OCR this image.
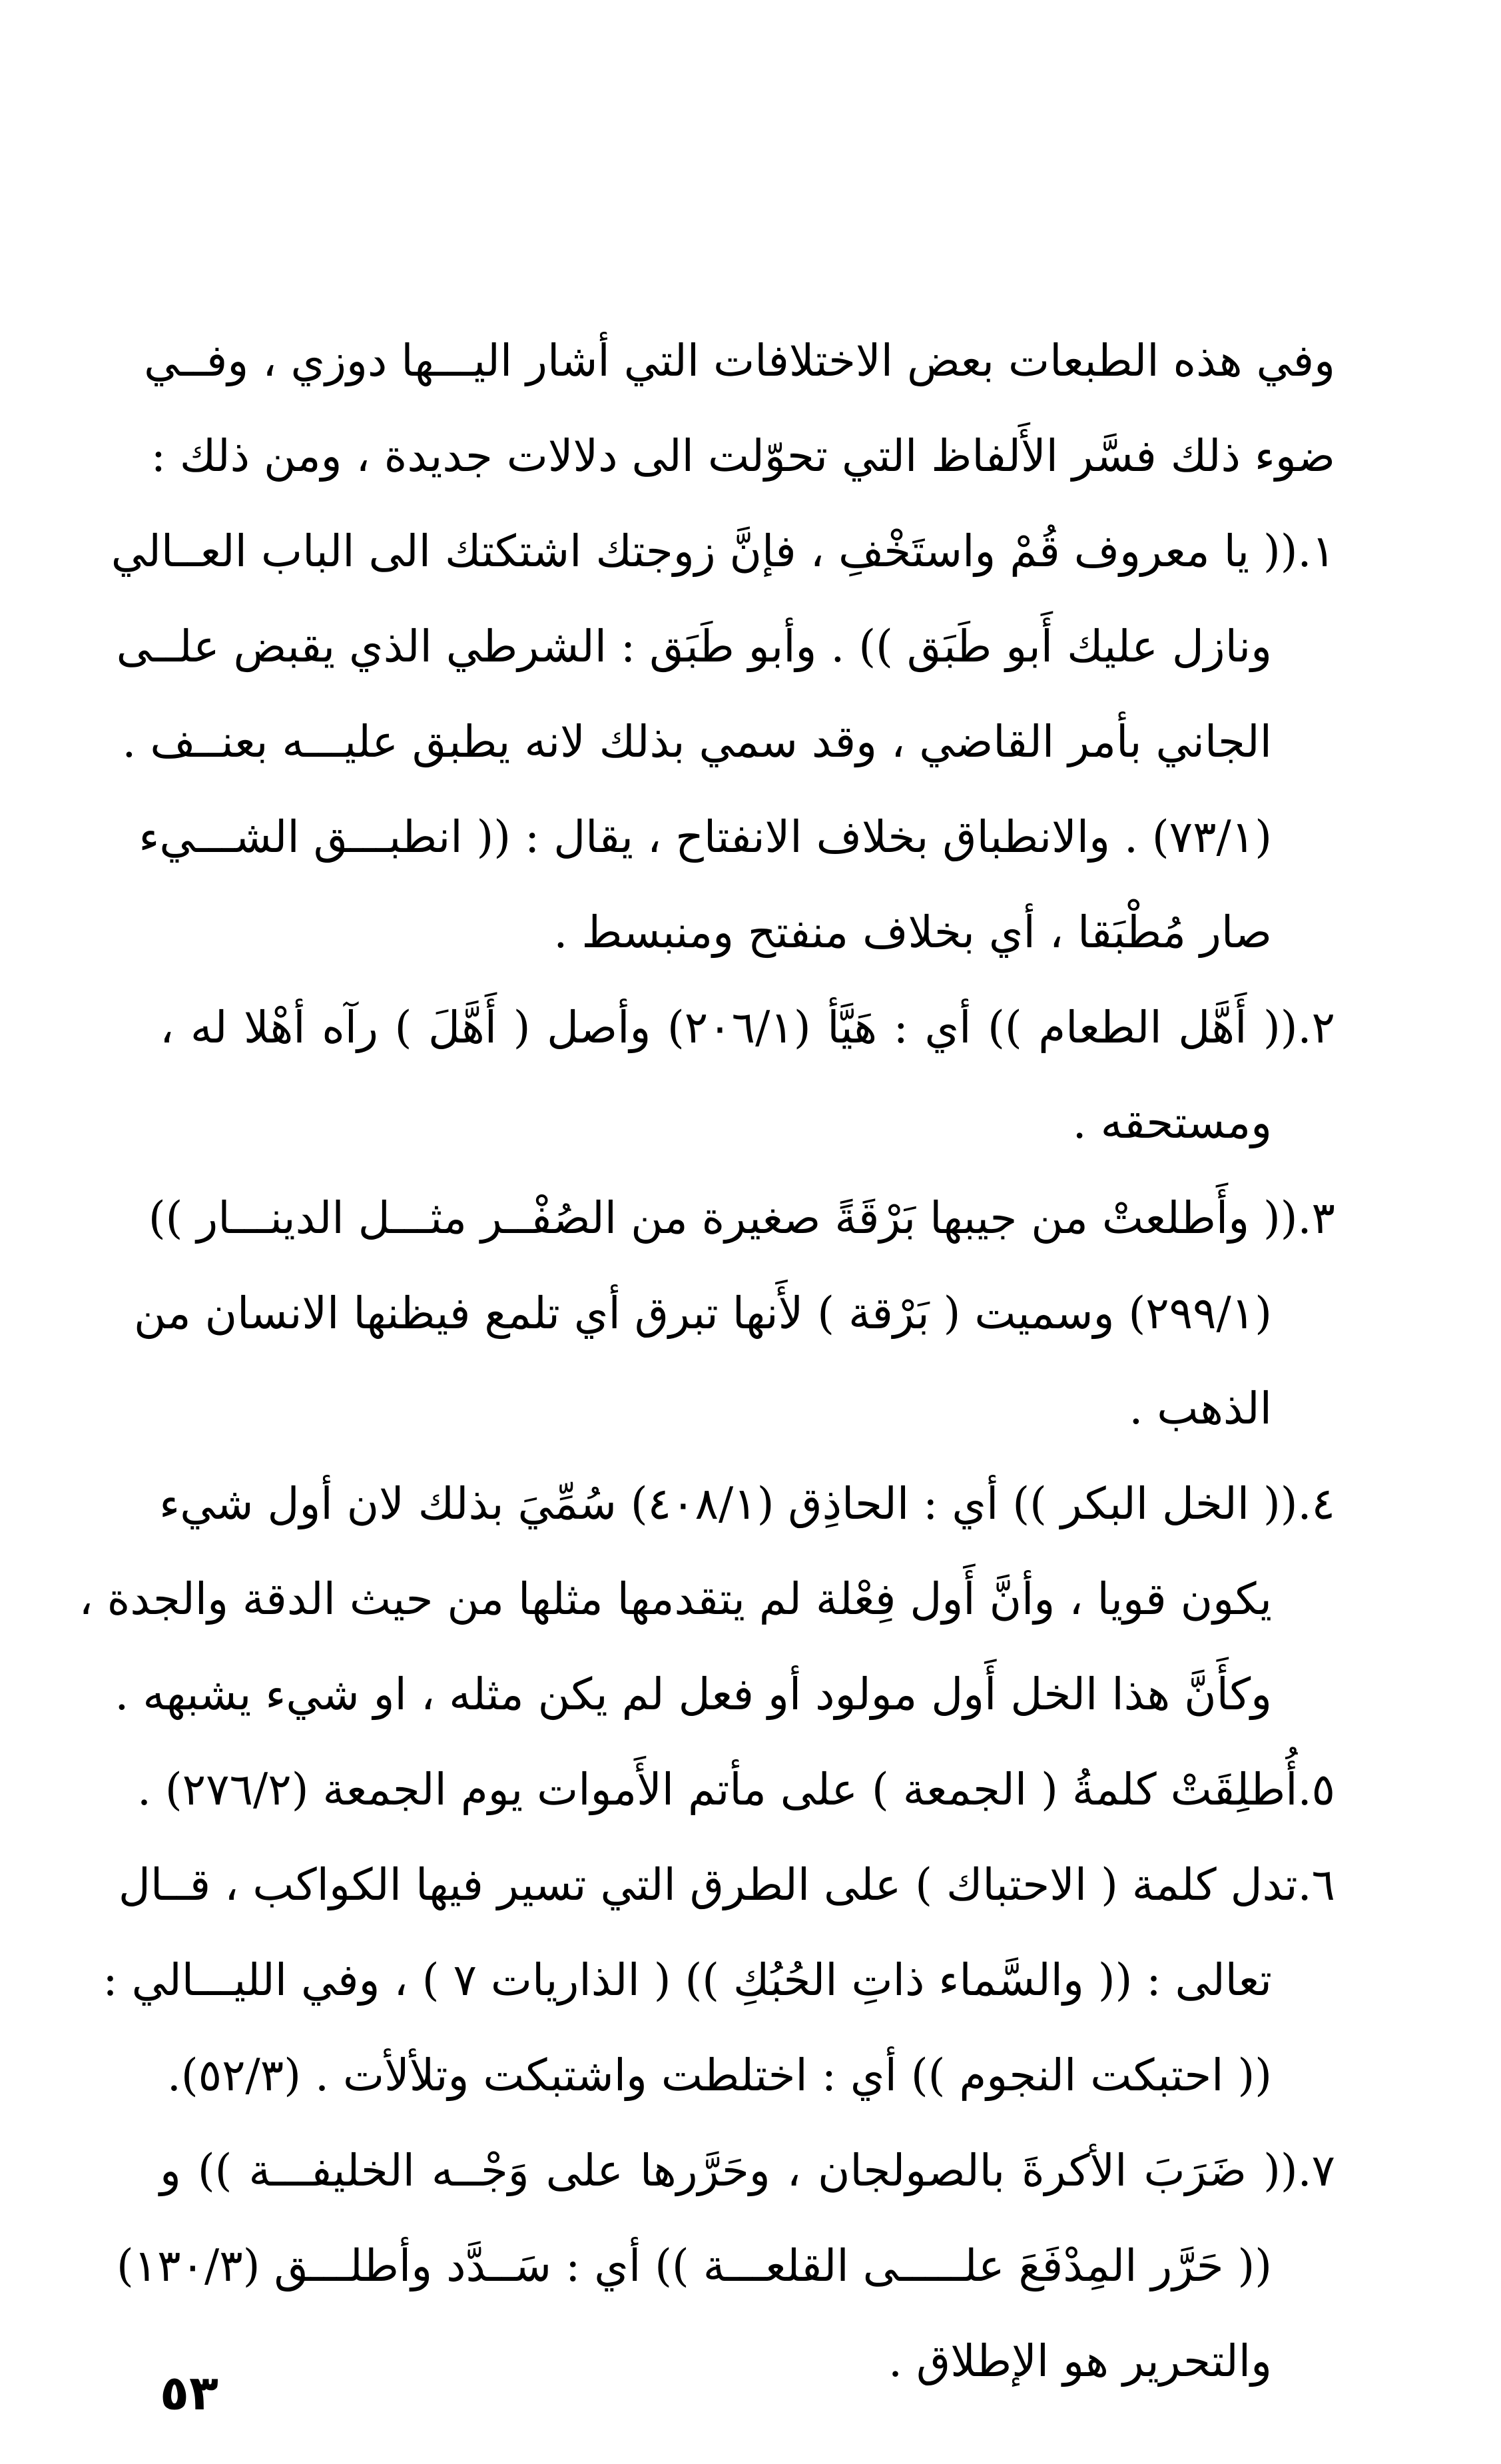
وفي هذه الطبعات بعض الاختلافات التي أشار اليـــها دوزي ، وفــي
ضوء ذلك فسَّر الأَلفاظ التي تحوّلت الى دلالات جديدة ، ومن ذلك :
١.(( يا معروف قُمْ واستَخْفِ ، فإنَّ زوجتك اشتكتك الى الباب العــالي
ونازل عليك أَبو طَبَق )) . وأبو طَبَق : الشرطي الذي يقبض علــى
الجاني بأمر القاضي ، وقد سمي بذلك لانه يطبق عليـــه بعنــف .
(٧٣/١) . والانطباق بخلاف الانفتاح ، يقال : (( انطبـــق الشـــيء
صار مُطْبَقا ، أي بخلاف منفتح ومنبسط .
٢.(( أَهَّل الطعام )) أي : هَيَّأ (٢٠٦/١) وأصل ( أَهَّلَ ) رآه أهْلا له ،
ومستحقه .
٣.(( وأَطلعتْ من جيبها بَرْقَةً صغيرة من الصُفْــر مثـــل الدينـــار ))
(٢٩٩/١) وسميت ( بَرْقة ) لأَنها تبرق أي تلمع فيظنها الانسان من
الذهب .
٤.(( الخل البكر )) أي : الحاذِق (٤٠٨/١) سُمِّيَ بذلك لان أول شيء
يكون قويا ، وأنَّ أَول فِعْلة لم يتقدمها مثلها من حيث الدقة والجدة ،
وكأَنَّ هذا الخل أَول مولود أو فعل لم يكن مثله ، او شيء يشبهه .
٥.أُطلِقَتْ كلمةُ ( الجمعة ) على مأتم الأَموات يوم الجمعة (٢٧٦/٢) .
٦.تدل كلمة ( الاحتباك ) على الطرق التي تسير فيها الكواكب ، قــال
تعالى : (( والسَّماء ذاتِ الحُبُكِ )) ( الذاريات ٧ ) ، وفي الليـــالي :
(( احتبكت النجوم )) أي : اختلطت واشتبكت وتلألأت . (٥٢/٣).
٧.(( ضَرَبَ الأكرةَ بالصولجان ، وحَرَّرها على وَجْــه الخليفـــة )) و
(( حَرَّر المِدْفَعَ علـــــى القلعـــة )) أي : سَــدَّد وأطلـــق (١٣٠/٣)
والتحرير هو الإطلاق .
٥٣
